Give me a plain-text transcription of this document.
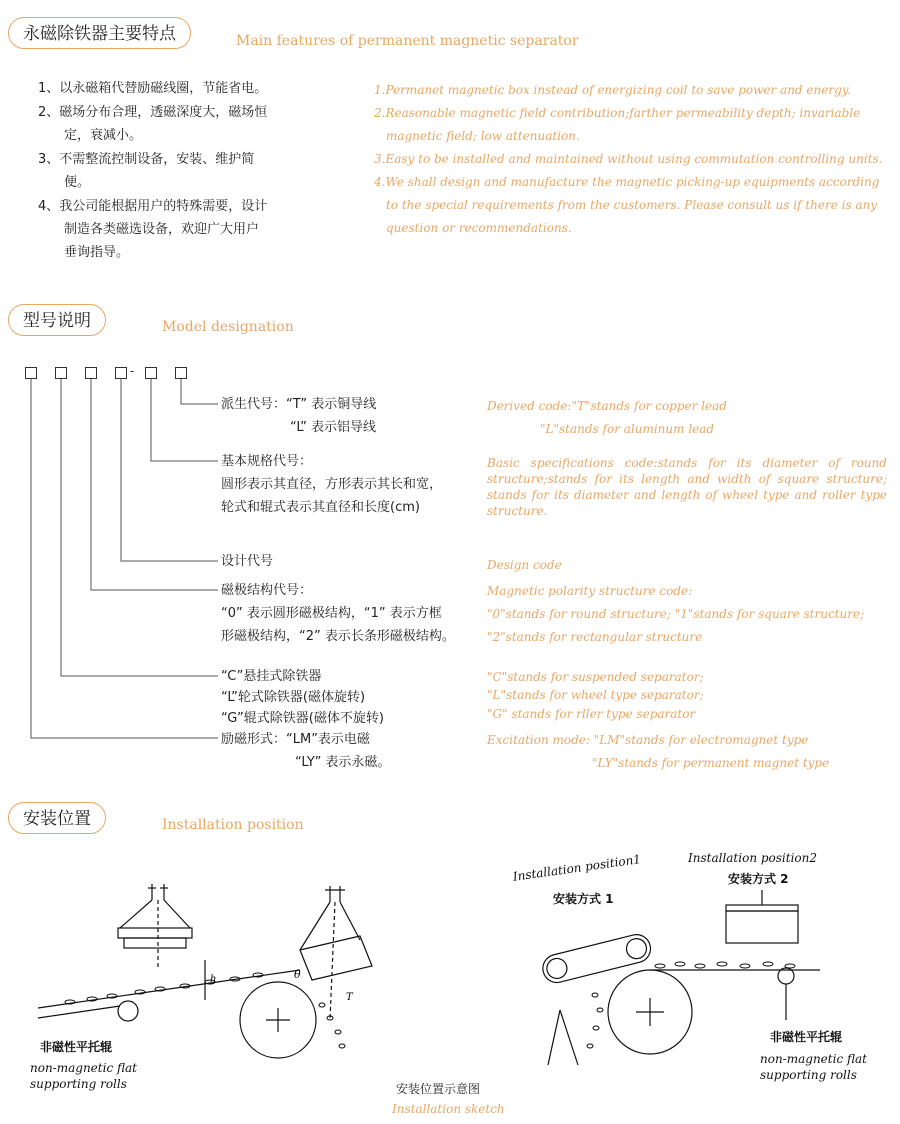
永磁除铁器主要特点	Main features of permanent magnetic separator
1、以永磁箱代替励磁线圈，节能省电。
2、磁场分布合理，透磁深度大，磁场恒
定，衰减小。
3、不需整流控制设备，安装、维护简
便。
4、我公司能根据用户的特殊需要，设计
制造各类磁选设备，欢迎广大用户
垂询指导。
1.Permanet magnetic box instead of energizing coil to save power and energy.
2.Reasonable magnetic field contribution;farther permeability depth; invariable
magnetic field; low attenuation.
3.Easy to be installed and maintained without using commutation controlling units.
4.We shall design and manufacture the magnetic picking-up equipments according
to the special requirements from the customers. Please consult us if there is any
question or recommendations.
型号说明	Model designation
-
派生代号：“T” 表示铜导线
“L” 表示铝导线
基本规格代号：
圆形表示其直径，方形表示其长和宽，
轮式和辊式表示其直径和长度(cm)
设计代号
磁极结构代号：
“0” 表示圆形磁极结构，“1” 表示方框
形磁极结构，“2” 表示长条形磁极结构。
“C”悬挂式除铁器
“L”轮式除铁器(磁体旋转)
“G”辊式除铁器(磁体不旋转)
励磁形式：“LM”表示电磁
“LY” 表示永磁。
Derived code:"T"stands for copper lead
"L"stands for aluminum lead
Basic specifications code:stands for its diameter of round structure;stands for its length and width of square structure; stands for its diameter and length of wheel type and roller type structure.
Design code
Magnetic polarity structure code:
"0"stands for round structure; "1"stands for square structure;
"2"stands for rectangular structure
"C"stands for suspended separator;
"L"stands for wheel type separator;
"G" stands for rller type separator
Excitation mode: "LM"stands for electromagnet type
"LY"stands for permanent magnet type
安装位置	Installation position
θ
h
T
非磁性平托辊
non-magnetic flat
supporting rolls
Installation position1
安装方式 1
Installation position2
安装方式 2
非磁性平托辊
non-magnetic flat
supporting rolls
安装位置示意图
Installation sketch
